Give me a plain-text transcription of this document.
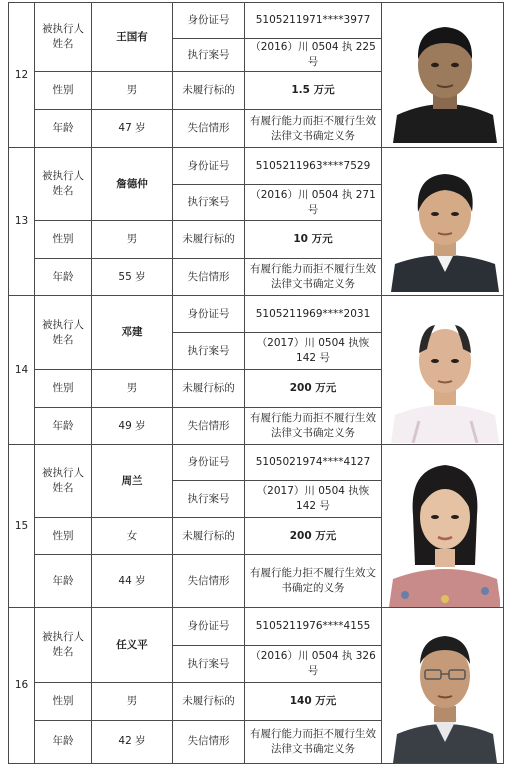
12	被执行人姓名	王国有	身份证号	5105211971****3977	

			执行案号	（2016）川 0504 执 225 号	
	性别	男	未履行标的	1.5 万元	
	年龄	47 岁	失信情形	有履行能力而拒不履行生效法律文书确定义务	
13	被执行人姓名	詹德仲	身份证号	5105211963****7529	

			执行案号	（2016）川 0504 执 271 号	
	性别	男	未履行标的	10 万元	
	年龄	55 岁	失信情形	有履行能力而拒不履行生效法律文书确定义务	
14	被执行人姓名	邓建	身份证号	5105211969****2031	

			执行案号	（2017）川 0504 执恢 142 号	
	性别	男	未履行标的	200 万元	
	年龄	49 岁	失信情形	有履行能力而拒不履行生效法律文书确定义务	
15	被执行人姓名	周兰	身份证号	5105021974****4127	

			执行案号	（2017）川 0504 执恢 142 号	
	性别	女	未履行标的	200 万元	
	年龄	44 岁	失信情形	有履行能力拒不履行生效文书确定的义务	
16	被执行人姓名	任义平	身份证号	5105211976****4155	

			执行案号	（2016）川 0504 执 326 号	
	性别	男	未履行标的	140 万元	
	年龄	42 岁	失信情形	有履行能力而拒不履行生效法律文书确定义务	
